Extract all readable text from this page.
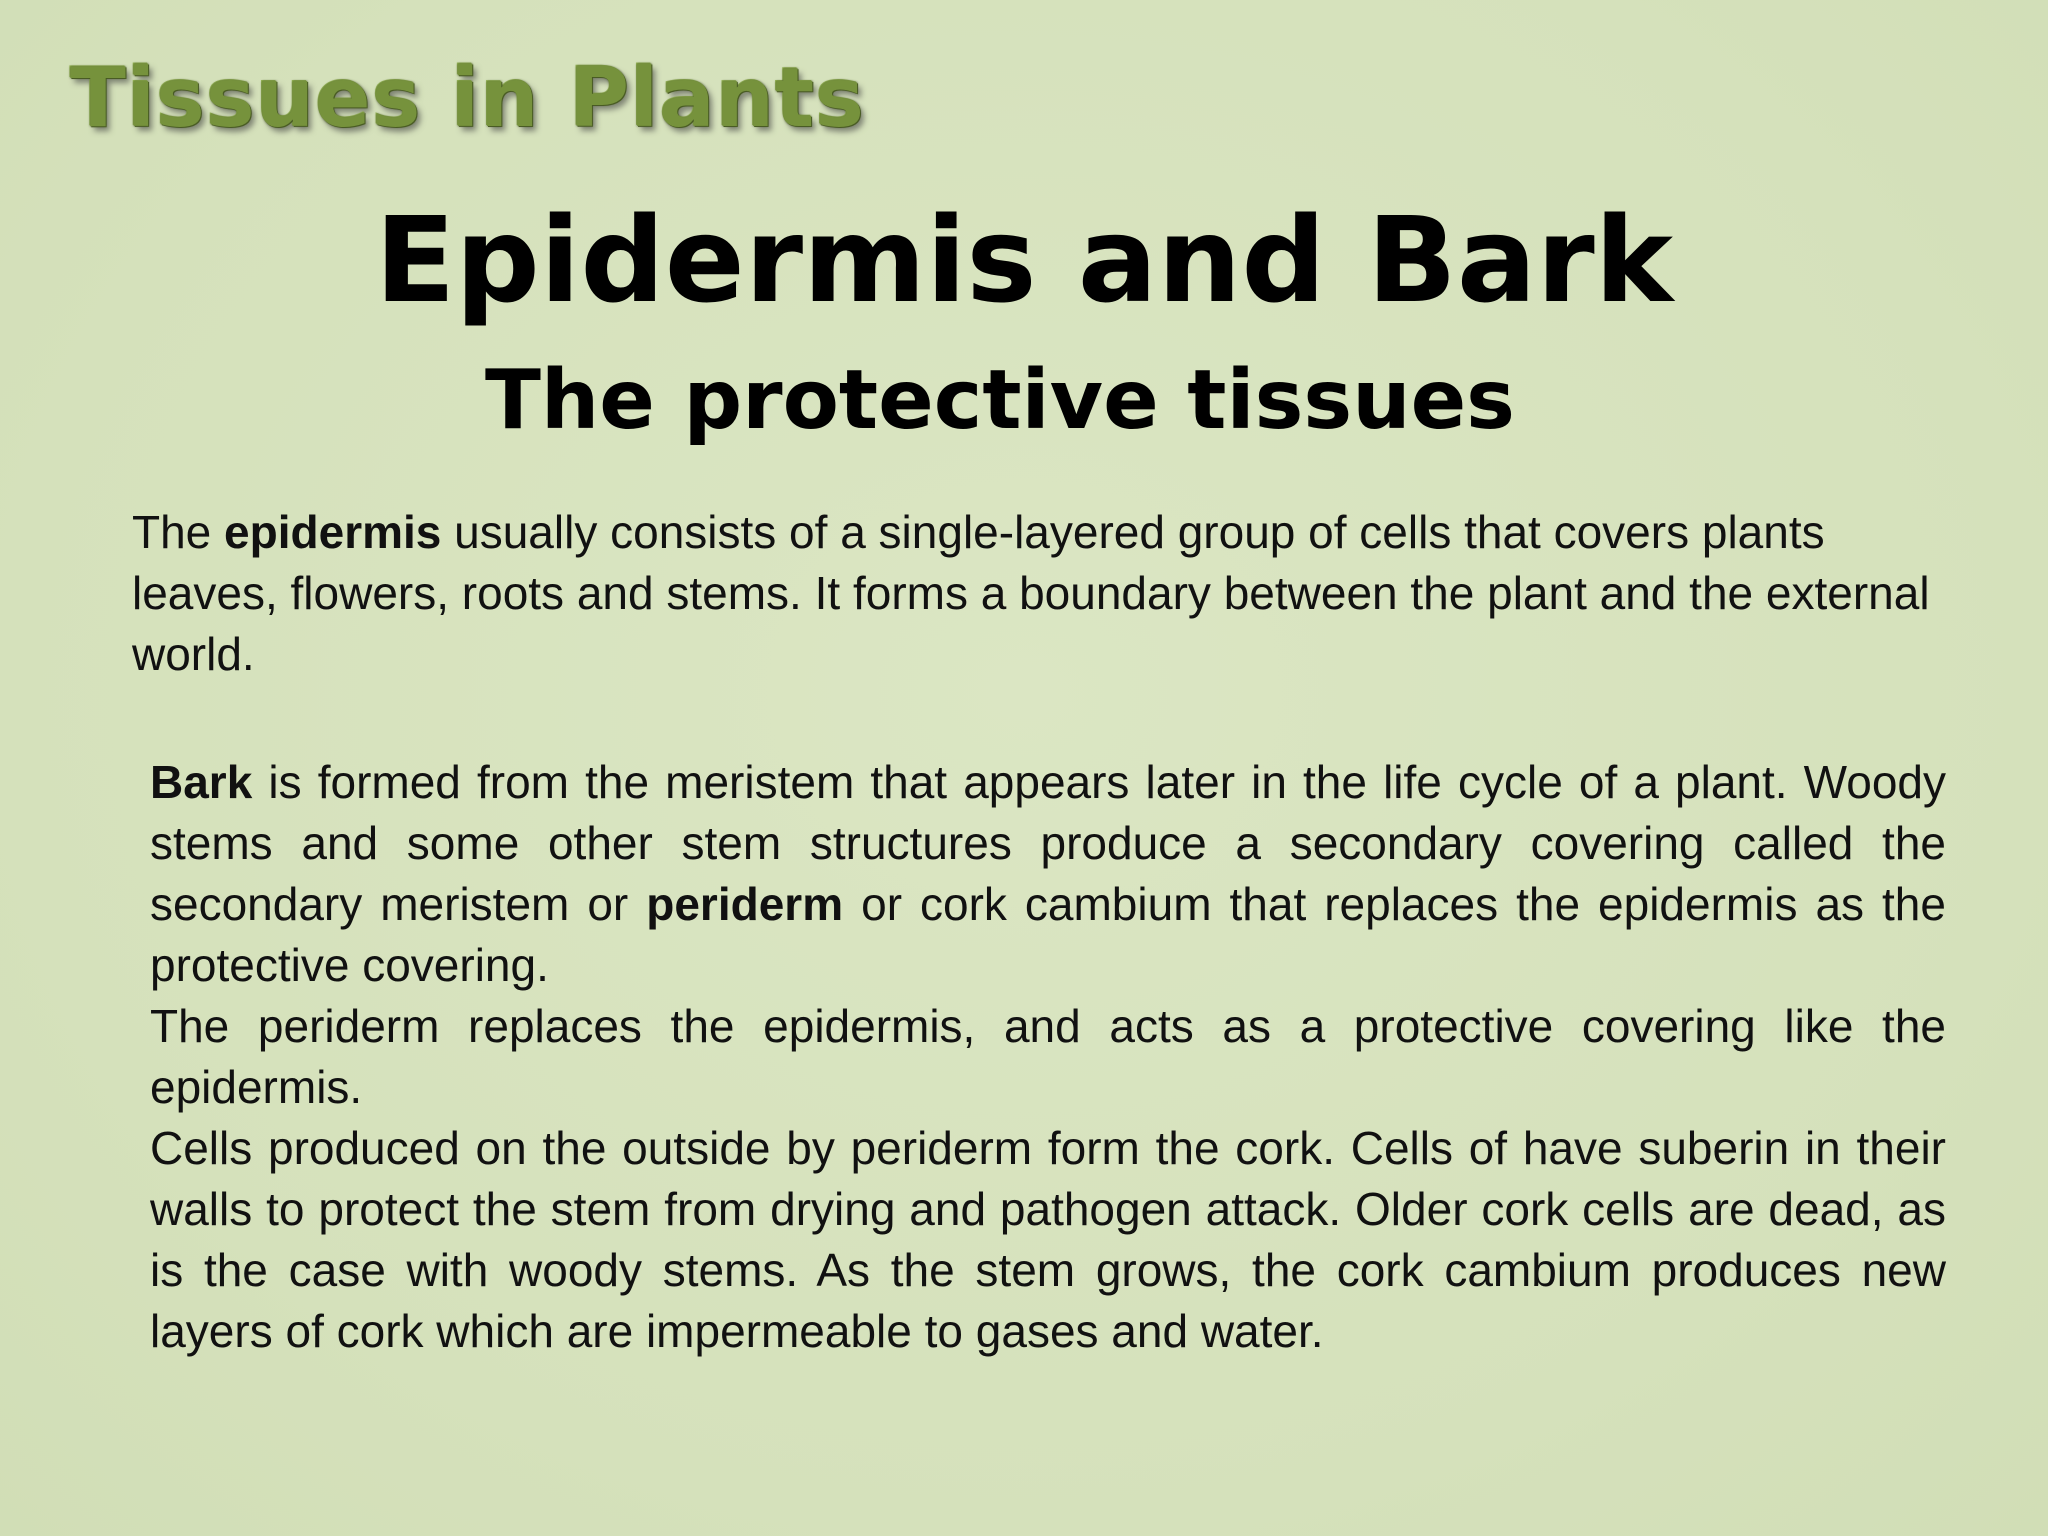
Tissues in Plants
Epidermis and Bark
The protective tissues
The epidermis usually consists of a single-layered group of cells that covers plants leaves, flowers, roots and stems. It forms a boundary between the plant and the external world.

Bark is formed from the meristem that appears later in the life cycle of a plant. Woody stems and some other stem structures produce a secondary covering called the secondary meristem or periderm or cork cambium that replaces the epidermis as the protective covering.

The periderm replaces the epidermis, and acts as a protective covering like the epidermis.

Cells produced on the outside by periderm form the cork. Cells of have suberin in their walls to protect the stem from drying and pathogen attack. Older cork cells are dead, as is the case with woody stems. As the stem grows, the cork cambium produces new layers of cork which are impermeable to gases and water.
